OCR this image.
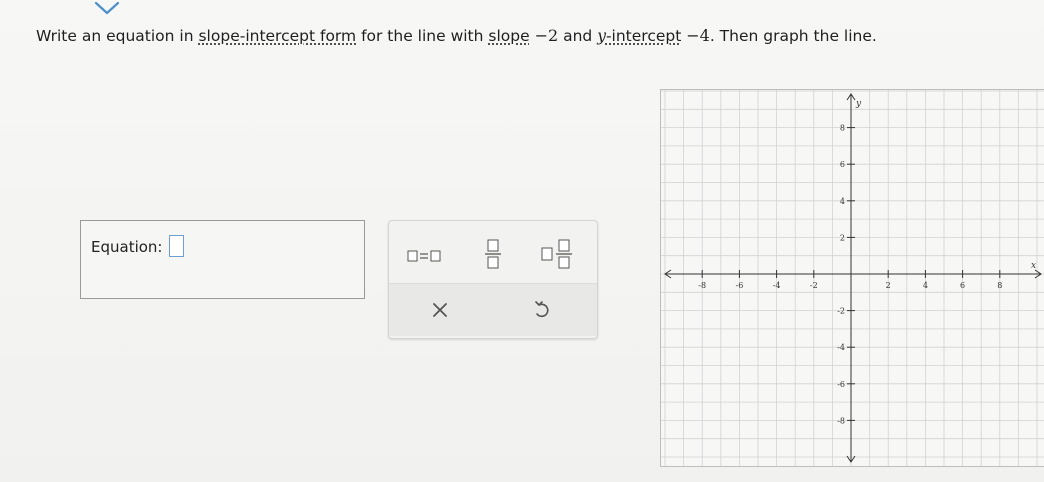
Write an equation in slope-intercept form for the line with slope −2 and y-intercept −4. Then graph the line.
Equation:
x
y
-8	-6	-4	-2	2	4	6	8
8
6
4
2
-2
-4
-6
-8
